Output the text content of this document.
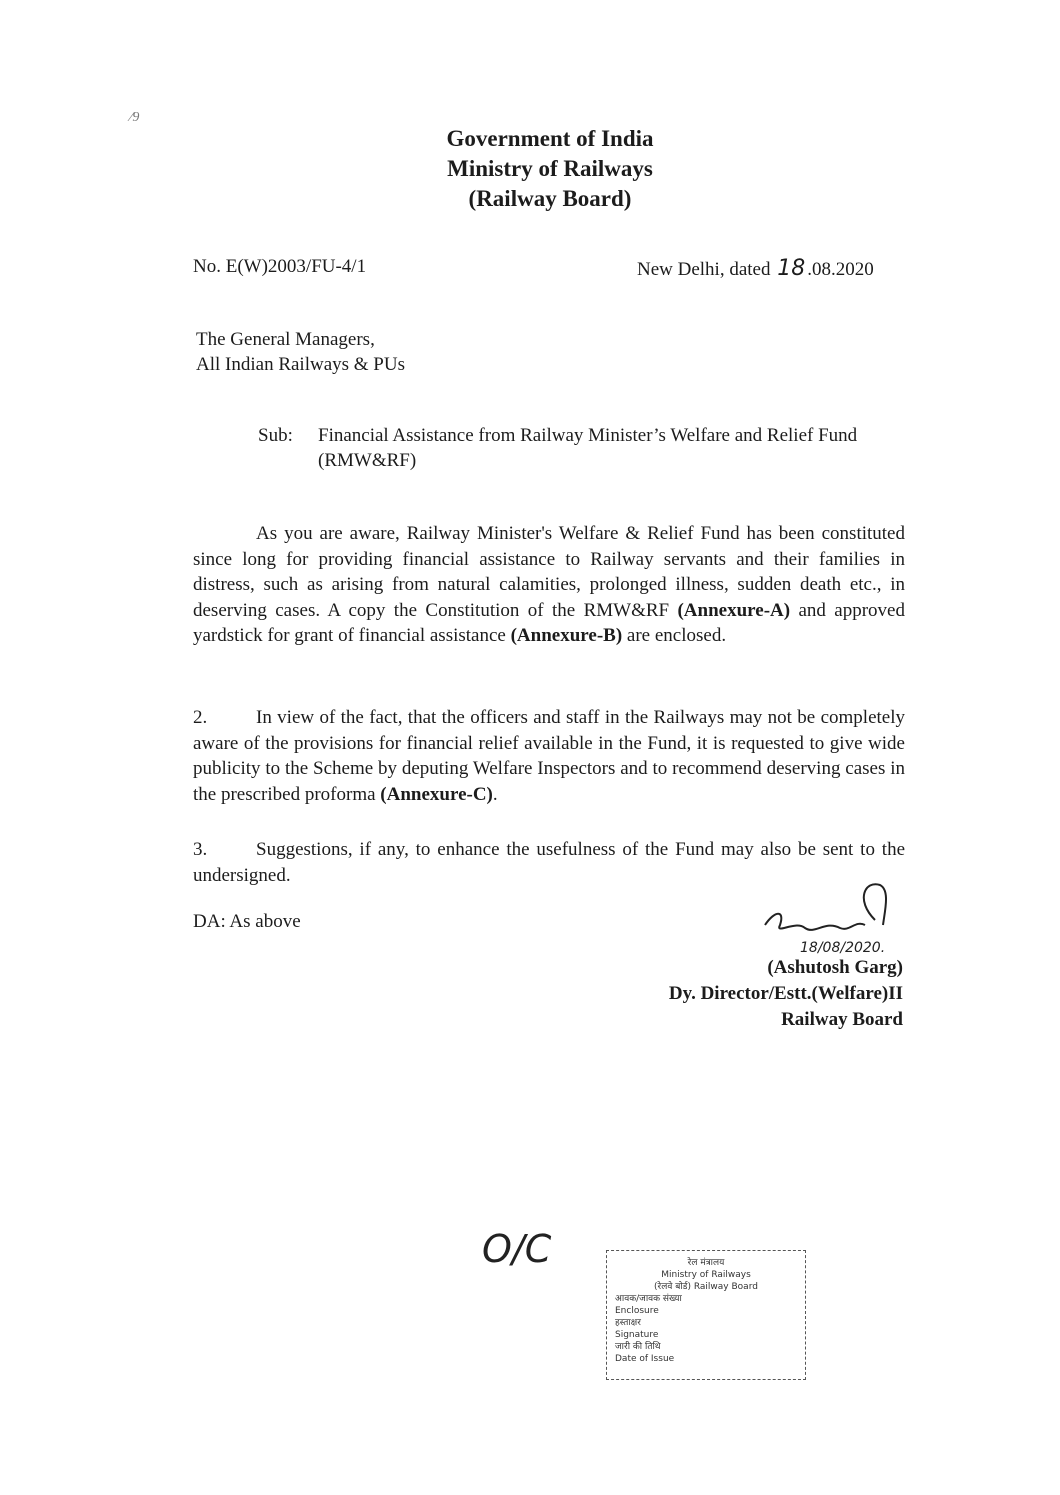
⁄9
Government of India
Ministry of Railways
(Railway Board)
No. E(W)2003/FU-4/1	New Delhi, dated 18 .08.2020
The General Managers,
All Indian Railways & PUs
Sub: Financial Assistance from Railway Minister’s Welfare and Relief Fund (RMW&RF)
As you are aware, Railway Minister's Welfare & Relief Fund has been constituted since long for providing financial assistance to Railway servants and their families in distress, such as arising from natural calamities, prolonged illness, sudden death etc., in deserving cases. A copy the Constitution of the RMW&RF (Annexure-A) and approved yardstick for grant of financial assistance (Annexure-B) are enclosed.
2.	In view of the fact, that the officers and staff in the Railways may not be completely aware of the provisions for financial relief available in the Fund, it is requested to give wide publicity to the Scheme by deputing Welfare Inspectors and to recommend deserving cases in the prescribed proforma (Annexure-C).
3.	Suggestions, if any, to enhance the usefulness of the Fund may also be sent to the undersigned.
DA: As above
18/08/2020.
(Ashutosh Garg)
Dy. Director/Estt.(Welfare)II
Railway Board
O/C	रेल मंत्रालय
Ministry of Railways
(रेलवे बोर्ड) Railway Board
आवक/जावक संख्या
Enclosure
हस्ताक्षर
Signature
जारी की तिथि
Date of Issue
